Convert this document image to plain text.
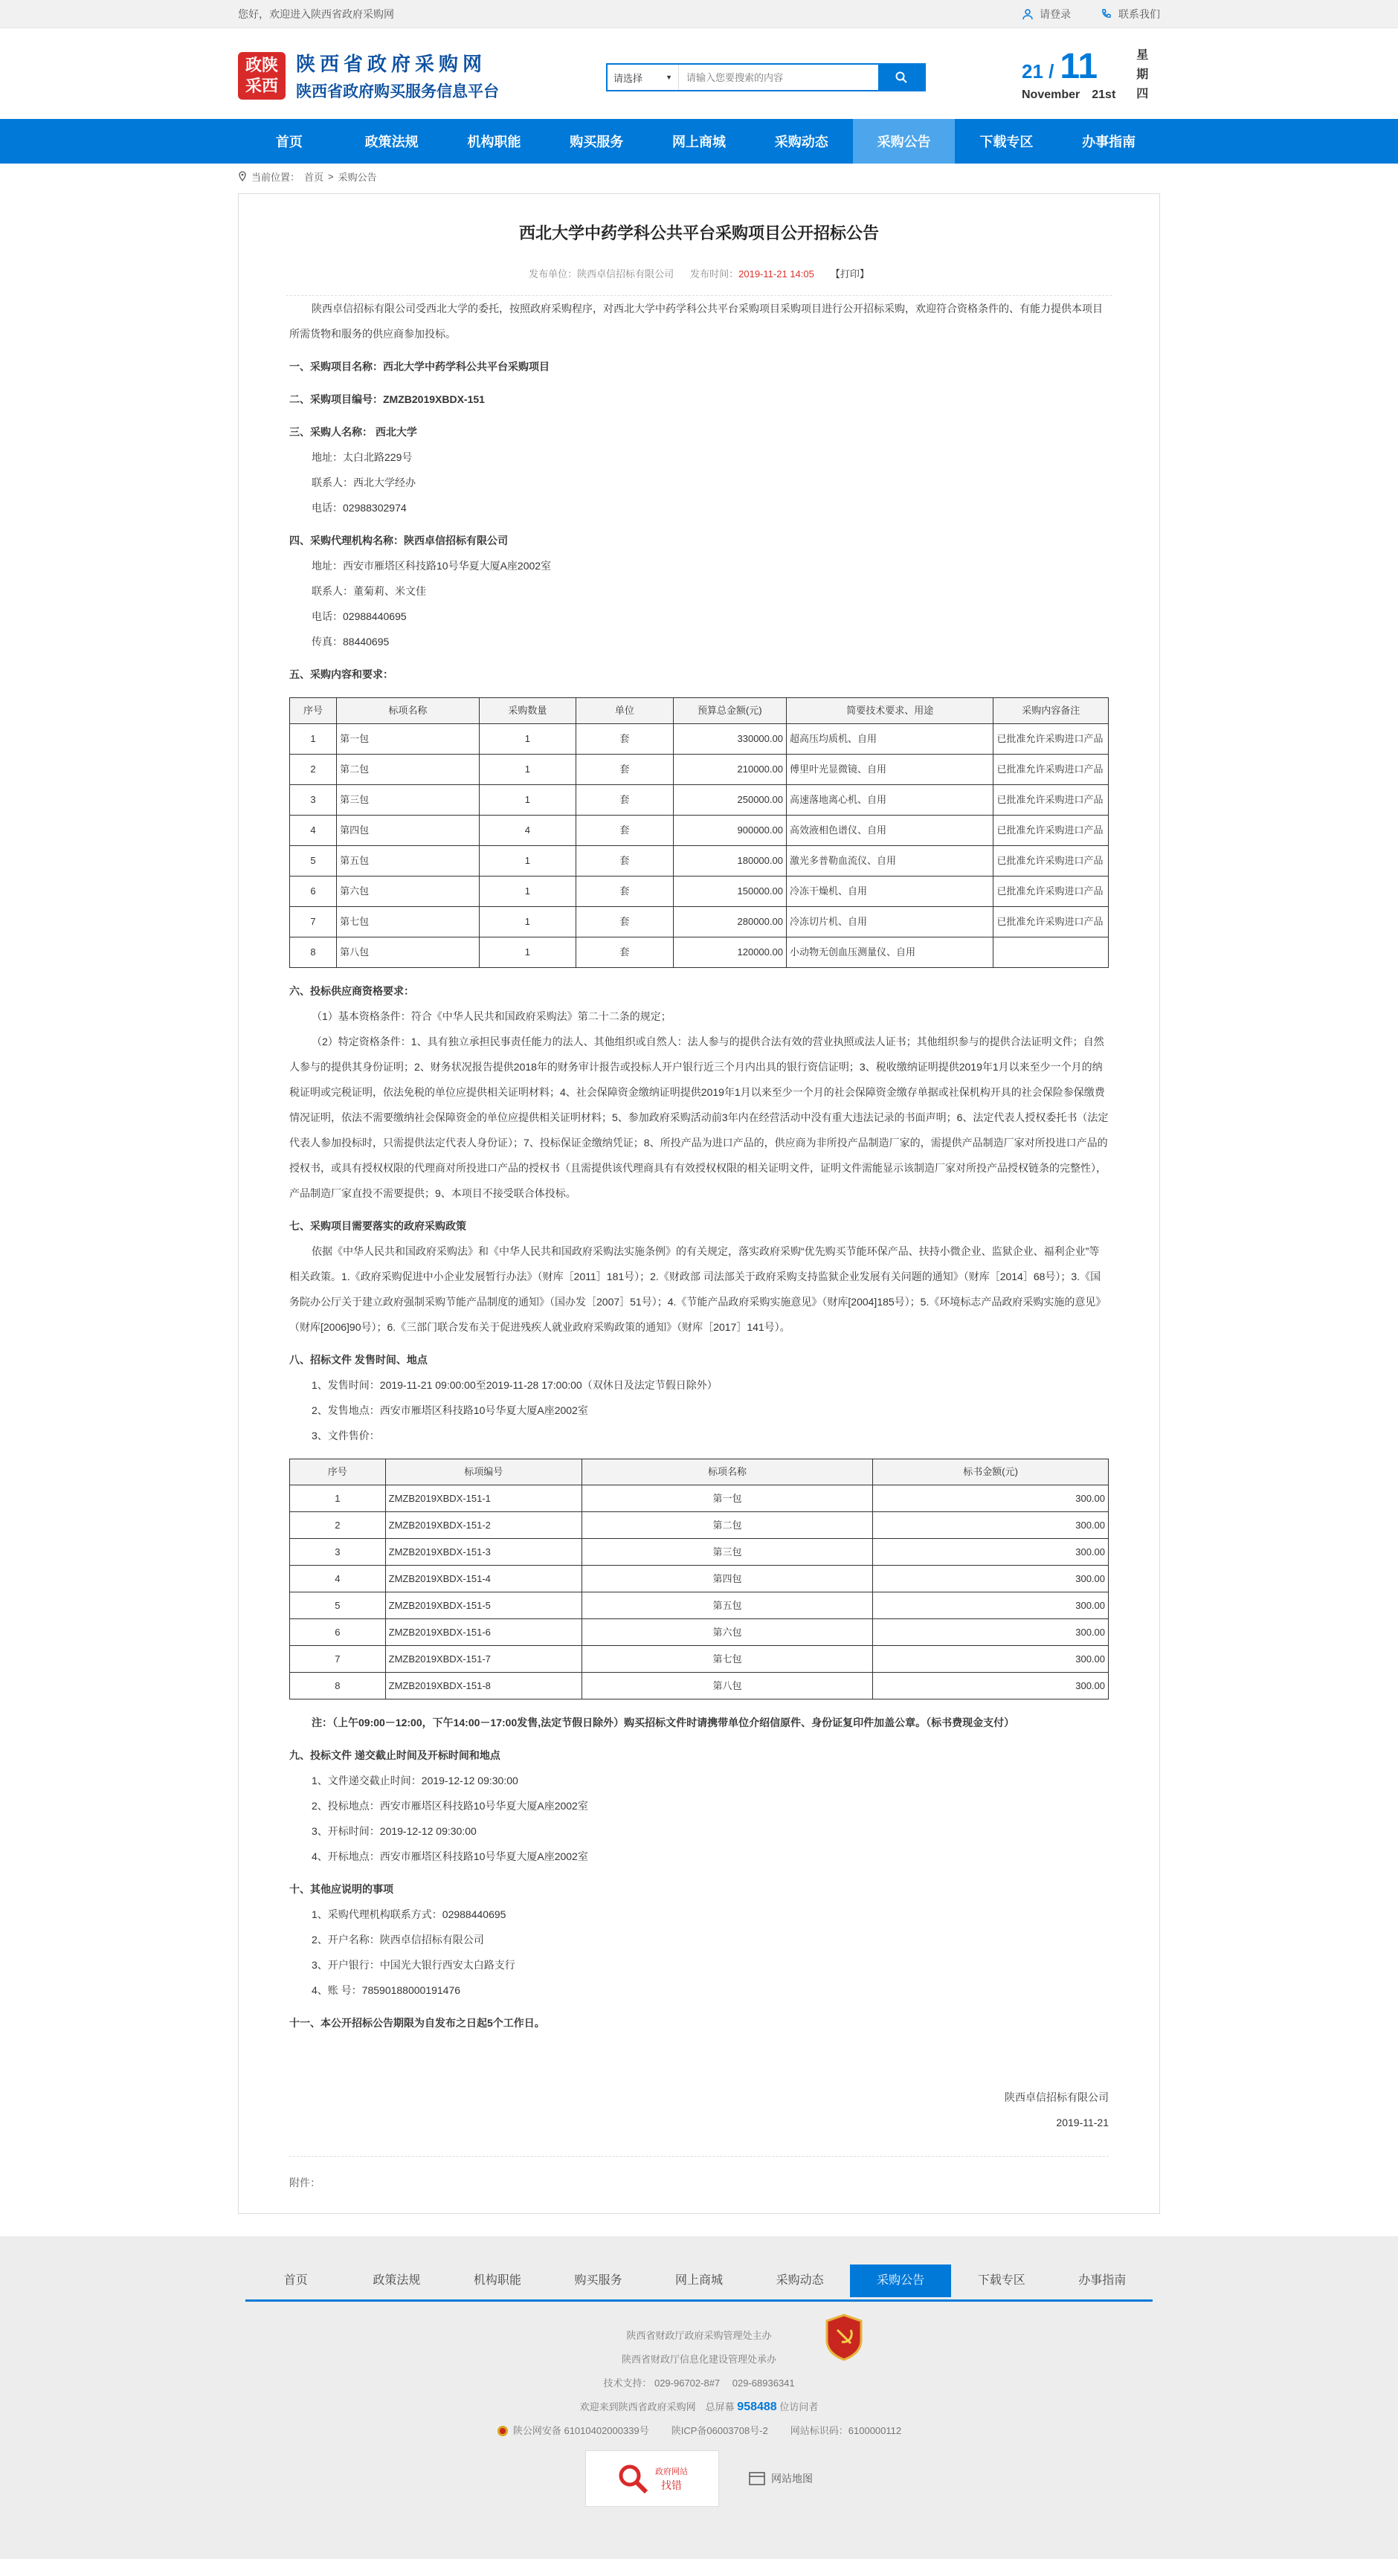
您好，欢迎进入陕西省政府采购网	请登录	联系我们
政陕
采西
陕西省政府采购网
陕西省政府购买服务信息平台
请选择	▼
请输入您要搜索的内容	21 / 11
November 21st
星期四
首页	政策法规	机构职能	购买服务	网上商城	采购动态	采购公告	下载专区	办事指南
当前位置： 首页 > 采购公告
西北大学中药学科公共平台采购项目公开招标公告
发布单位：陕西卓信招标有限公司 发布时间：2019-11-21 14:05 【打印】

陕西卓信招标有限公司受西北大学的委托，按照政府采购程序，对西北大学中药学科公共平台采购项目采购项目进行公开招标采购，欢迎符合资格条件的、有能力提供本项目所需货物和服务的供应商参加投标。

一、采购项目名称：西北大学中药学科公共平台采购项目

二、采购项目编号：ZMZB2019XBDX-151

三、采购人名称： 西北大学

地址：太白北路229号

联系人：西北大学经办

电话：02988302974

四、采购代理机构名称：陕西卓信招标有限公司

地址：西安市雁塔区科技路10号华夏大厦A座2002室

联系人：董菊莉、米文佳

电话：02988440695

传真：88440695

五、采购内容和要求：

序号	标项名称	采购数量	单位	预算总金额(元)	简要技术要求、用途	采购内容备注
1	第一包	1	套	330000.00	超高压均质机、自用	已批准允许采购进口产品
2	第二包	1	套	210000.00	傅里叶光显微镜、自用	已批准允许采购进口产品
3	第三包	1	套	250000.00	高速落地离心机、自用	已批准允许采购进口产品
4	第四包	4	套	900000.00	高效液相色谱仪、自用	已批准允许采购进口产品
5	第五包	1	套	180000.00	激光多普勒血流仪、自用	已批准允许采购进口产品
6	第六包	1	套	150000.00	冷冻干燥机、自用	已批准允许采购进口产品
7	第七包	1	套	280000.00	冷冻切片机、自用	已批准允许采购进口产品
8	第八包	1	套	120000.00	小动物无创血压测量仪、自用	

六、投标供应商资格要求：

（1）基本资格条件：符合《中华人民共和国政府采购法》第二十二条的规定；

（2）特定资格条件：1、具有独立承担民事责任能力的法人、其他组织或自然人：法人参与的提供合法有效的营业执照或法人证书；其他组织参与的提供合法证明文件；自然人参与的提供其身份证明；2、财务状况报告提供2018年的财务审计报告或投标人开户银行近三个月内出具的银行资信证明；3、税收缴纳证明提供2019年1月以来至少一个月的纳税证明或完税证明，依法免税的单位应提供相关证明材料；4、社会保障资金缴纳证明提供2019年1月以来至少一个月的社会保障资金缴存单据或社保机构开具的社会保险参保缴费情况证明，依法不需要缴纳社会保障资金的单位应提供相关证明材料；5、参加政府采购活动前3年内在经营活动中没有重大违法记录的书面声明；6、法定代表人授权委托书（法定代表人参加投标时，只需提供法定代表人身份证）；7、投标保证金缴纳凭证；8、所投产品为进口产品的，供应商为非所投产品制造厂家的，需提供产品制造厂家对所投进口产品的授权书，或具有授权权限的代理商对所投进口产品的授权书（且需提供该代理商具有有效授权权限的相关证明文件，证明文件需能显示该制造厂家对所投产品授权链条的完整性），产品制造厂家直投不需要提供；9、本项目不接受联合体投标。

七、采购项目需要落实的政府采购政策

依据《中华人民共和国政府采购法》和《中华人民共和国政府采购法实施条例》的有关规定，落实政府采购“优先购买节能环保产品、扶持小微企业、监狱企业、福利企业”等相关政策。1.《政府采购促进中小企业发展暂行办法》（财库［2011］181号）；2.《财政部 司法部关于政府采购支持监狱企业发展有关问题的通知》（财库［2014］68号）；3.《国务院办公厅关于建立政府强制采购节能产品制度的通知》（国办发［2007］51号）；4.《节能产品政府采购实施意见》（财库[2004]185号）；5.《环境标志产品政府采购实施的意见》（财库[2006]90号）；6.《三部门联合发布关于促进残疾人就业政府采购政策的通知》（财库［2017］141号）。

八、招标文件 发售时间、地点

1、发售时间：2019-11-21 09:00:00至2019-11-28 17:00:00（双休日及法定节假日除外）

2、发售地点：西安市雁塔区科技路10号华夏大厦A座2002室

3、文件售价：

序号	标项编号	标项名称	标书金额(元)
1	ZMZB2019XBDX-151-1	第一包	300.00
2	ZMZB2019XBDX-151-2	第二包	300.00
3	ZMZB2019XBDX-151-3	第三包	300.00
4	ZMZB2019XBDX-151-4	第四包	300.00
5	ZMZB2019XBDX-151-5	第五包	300.00
6	ZMZB2019XBDX-151-6	第六包	300.00
7	ZMZB2019XBDX-151-7	第七包	300.00
8	ZMZB2019XBDX-151-8	第八包	300.00

注：（上午09:00－12:00，下午14:00－17:00发售,法定节假日除外）购买招标文件时请携带单位介绍信原件、身份证复印件加盖公章。（标书费现金支付）

九、投标文件 递交截止时间及开标时间和地点

1、文件递交截止时间：2019-12-12 09:30:00

2、投标地点：西安市雁塔区科技路10号华夏大厦A座2002室

3、开标时间：2019-12-12 09:30:00

4、开标地点：西安市雁塔区科技路10号华夏大厦A座2002室

十、其他应说明的事项

1、采购代理机构联系方式：02988440695

2、开户名称：陕西卓信招标有限公司

3、开户银行：中国光大银行西安太白路支行

4、账 号：78590188000191476

十一、本公开招标公告期限为自发布之日起5个工作日。

陕西卓信招标有限公司
2019-11-21
附件：
首页	政策法规	机构职能	购买服务	网上商城	采购动态	采购公告	下载专区	办事指南
陕西省财政厅政府采购管理处主办
陕西省财政厅信息化建设管理处承办
技术支持： 029-96702-8#7　 029-68936341
欢迎来到陕西省政府采购网　总屏幕 958488 位访问者
陕公网安备 61010402000339号 陕ICP备06003708号-2 网站标识码：6100000112
政府网站
找错
网站地图
